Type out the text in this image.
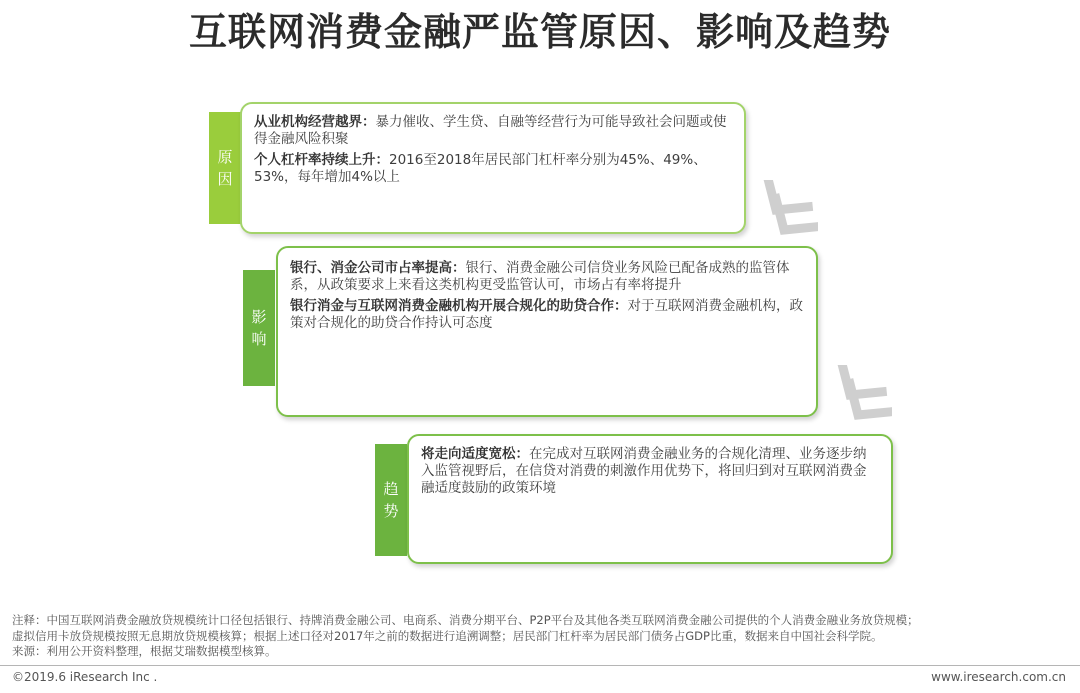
互联网消费金融严监管原因、影响及趋势
原
因
从业机构经营越界：暴力催收、学生贷、自融等经营行为可能导致社会问题或使得金融风险积聚
个人杠杆率持续上升：2016至2018年居民部门杠杆率分别为45%、49%、53%，每年增加4%以上
影
响
银行、消金公司市占率提高：银行、消费金融公司信贷业务风险已配备成熟的监管体系，从政策要求上来看这类机构更受监管认可，市场占有率将提升
银行消金与互联网消费金融机构开展合规化的助贷合作：对于互联网消费金融机构，政策对合规化的助贷合作持认可态度
趋
势
将走向适度宽松：在完成对互联网消费金融业务的合规化清理、业务逐步纳入监管视野后，在信贷对消费的刺激作用优势下，将回归到对互联网消费金融适度鼓励的政策环境
注释：中国互联网消费金融放贷规模统计口径包括银行、持牌消费金融公司、电商系、消费分期平台、P2P平台及其他各类互联网消费金融公司提供的个人消费金融业务放贷规模；
虚拟信用卡放贷规模按照无息期放贷规模核算；根据上述口径对2017年之前的数据进行追溯调整；居民部门杠杆率为居民部门债务占GDP比重，数据来自中国社会科学院。
来源：利用公开资料整理，根据艾瑞数据模型核算。
©2019.6 iResearch Inc .	www.iresearch.com.cn
